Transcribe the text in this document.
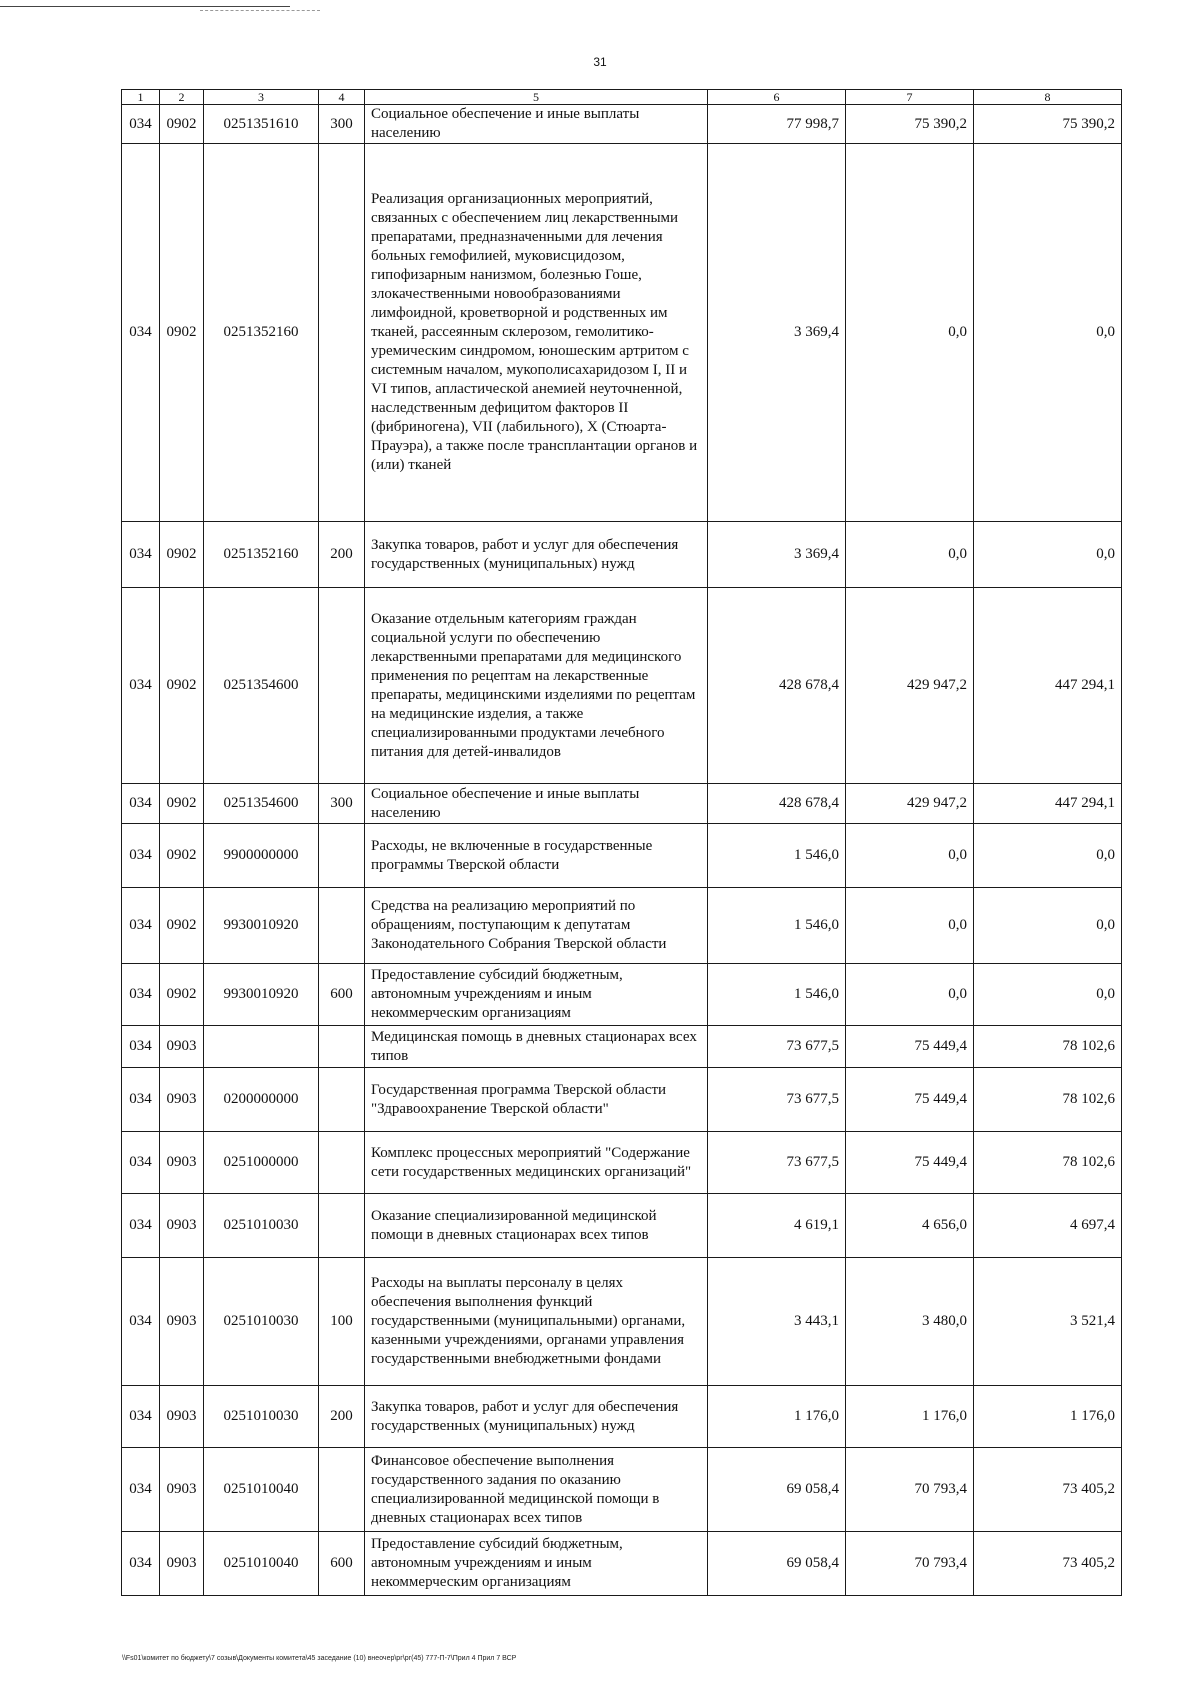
31
1	2	3	4	5	6	7	8
034	0902	0251351610	300	Социальное обеспечение и иные выплаты населению	77 998,7	75 390,2	75 390,2
034	0902	0251352160		Реализация организационных мероприятий, связанных с обеспечением лиц лекарственными препаратами, предназначенными для лечения больных гемофилией, муковисцидозом, гипофизарным нанизмом, болезнью Гоше, злокачественными новообразованиями лимфоидной, кроветворной и родственных им тканей, рассеянным склерозом, гемолитико-уремическим синдромом, юношеским артритом с системным началом, мукополисахаридозом I, II и VI типов, апластической анемией неуточненной, наследственным дефицитом факторов II (фибриногена), VII (лабильного), X (Стюарта-Прауэра), а также после трансплантации органов и (или) тканей	3 369,4	0,0	0,0
034	0902	0251352160	200	Закупка товаров, работ и услуг для обеспечения государственных (муниципальных) нужд	3 369,4	0,0	0,0
034	0902	0251354600		Оказание отдельным категориям граждан социальной услуги по обеспечению лекарственными препаратами для медицинского применения по рецептам на лекарственные препараты, медицинскими изделиями по рецептам на медицинские изделия, а также специализированными продуктами лечебного питания для детей-инвалидов	428 678,4	429 947,2	447 294,1
034	0902	0251354600	300	Социальное обеспечение и иные выплаты населению	428 678,4	429 947,2	447 294,1
034	0902	9900000000		Расходы, не включенные в государственные программы Тверской области	1 546,0	0,0	0,0
034	0902	9930010920		Средства на реализацию мероприятий по обращениям, поступающим к депутатам Законодательного Собрания Тверской области	1 546,0	0,0	0,0
034	0902	9930010920	600	Предоставление субсидий бюджетным, автономным учреждениям и иным некоммерческим организациям	1 546,0	0,0	0,0
034	0903			Медицинская помощь в дневных стационарах всех типов	73 677,5	75 449,4	78 102,6
034	0903	0200000000		Государственная программа Тверской области "Здравоохранение Тверской области"	73 677,5	75 449,4	78 102,6
034	0903	0251000000		Комплекс процессных мероприятий "Содержание сети государственных медицинских организаций"	73 677,5	75 449,4	78 102,6
034	0903	0251010030		Оказание специализированной медицинской помощи в дневных стационарах всех типов	4 619,1	4 656,0	4 697,4
034	0903	0251010030	100	Расходы на выплаты персоналу в целях обеспечения выполнения функций государственными (муниципальными) органами, казенными учреждениями, органами управления государственными внебюджетными фондами	3 443,1	3 480,0	3 521,4
034	0903	0251010030	200	Закупка товаров, работ и услуг для обеспечения государственных (муниципальных) нужд	1 176,0	1 176,0	1 176,0
034	0903	0251010040		Финансовое обеспечение выполнения государственного задания по оказанию специализированной медицинской помощи в дневных стационарах всех типов	69 058,4	70 793,4	73 405,2
034	0903	0251010040	600	Предоставление субсидий бюджетным, автономным учреждениям и иным некоммерческим организациям	69 058,4	70 793,4	73 405,2
\\Fs01\комитет по бюджету\7 созыв\Документы комитета\45 заседание (10) внеочер\рг\рг(45) 777-П-7\Прил 4 Прил 7 ВСР
